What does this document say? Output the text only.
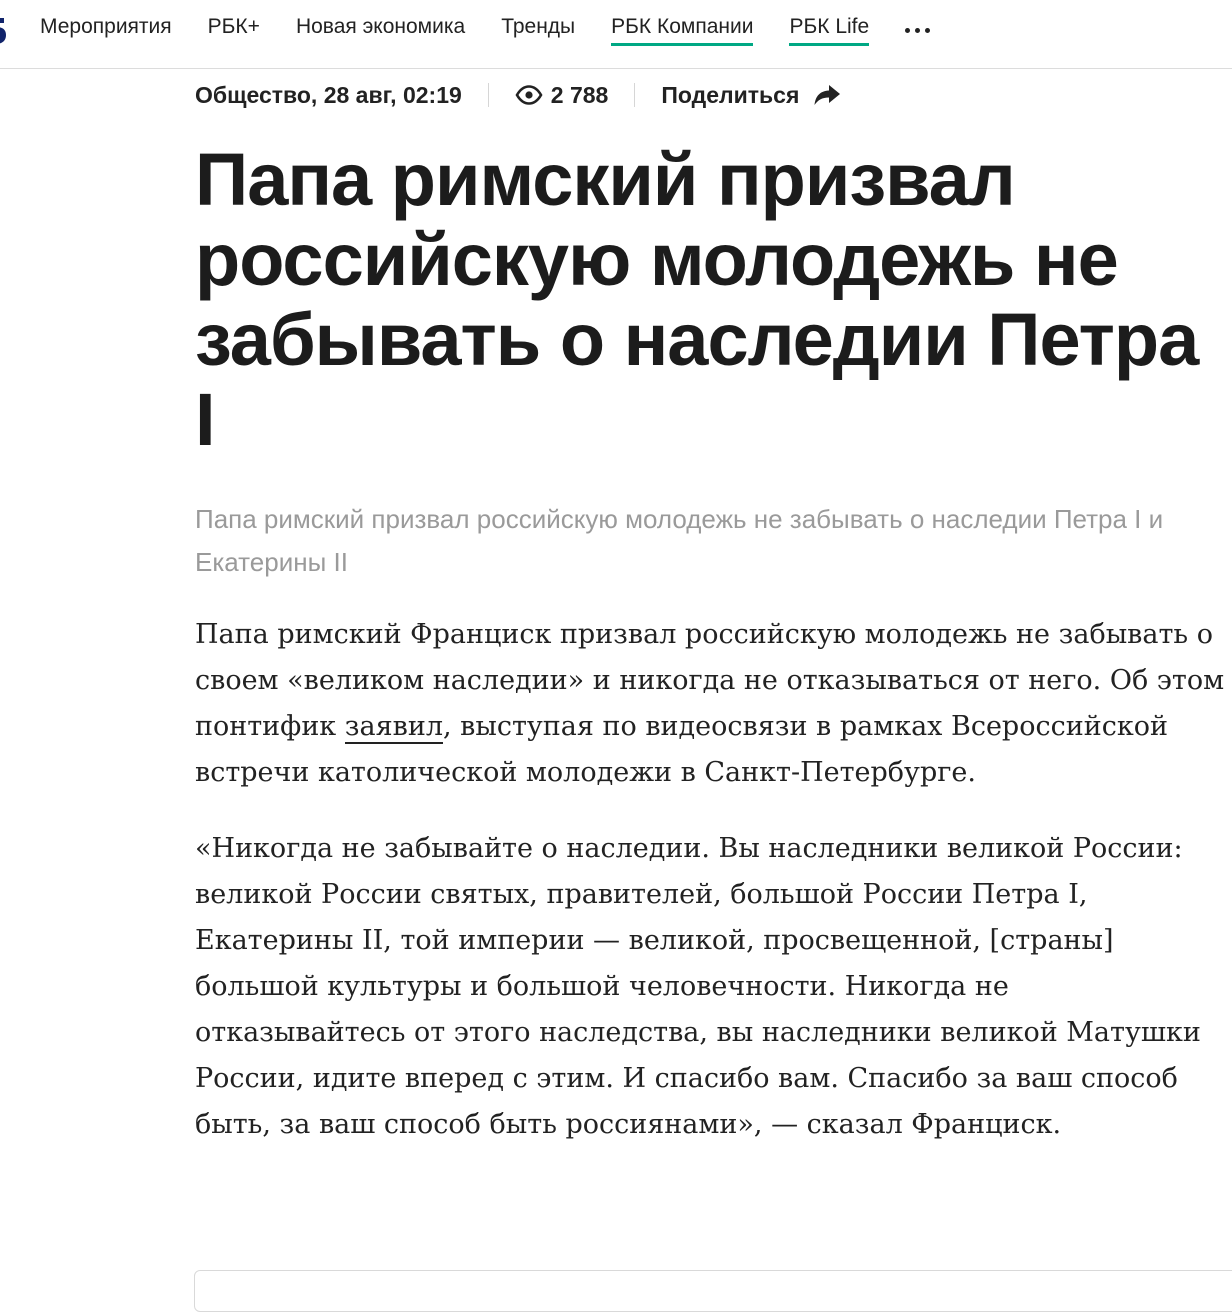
Мероприятия РБК+ Новая экономика Тренды РБК Компании РБК Life
Общество, 28 авг, 02:19	2 788 Поделиться
Папа римский призвал российскую молодежь не забывать о наследии Петра I

Папа римский призвал российскую молодежь не забывать о наследии Петра I и Екатерины II

Папа римский Франциск призвал российскую молодежь не забывать о своем «великом наследии» и никогда не отказываться от него. Об этом понтифик заявил, выступая по видеосвязи в рамках Всероссийской встречи католической молодежи в Санкт-Петербурге.

«Никогда не забывайте о наследии. Вы наследники великой России: великой России святых, правителей, большой России Петра I, Екатерины II, той империи — великой, просвещенной, [страны] большой культуры и большой человечности. Никогда не отказывайтесь от этого наследства, вы наследники великой Матушки России, идите вперед с этим. И спасибо вам. Спасибо за ваш способ быть, за ваш способ быть россиянами», — сказал Франциск.
